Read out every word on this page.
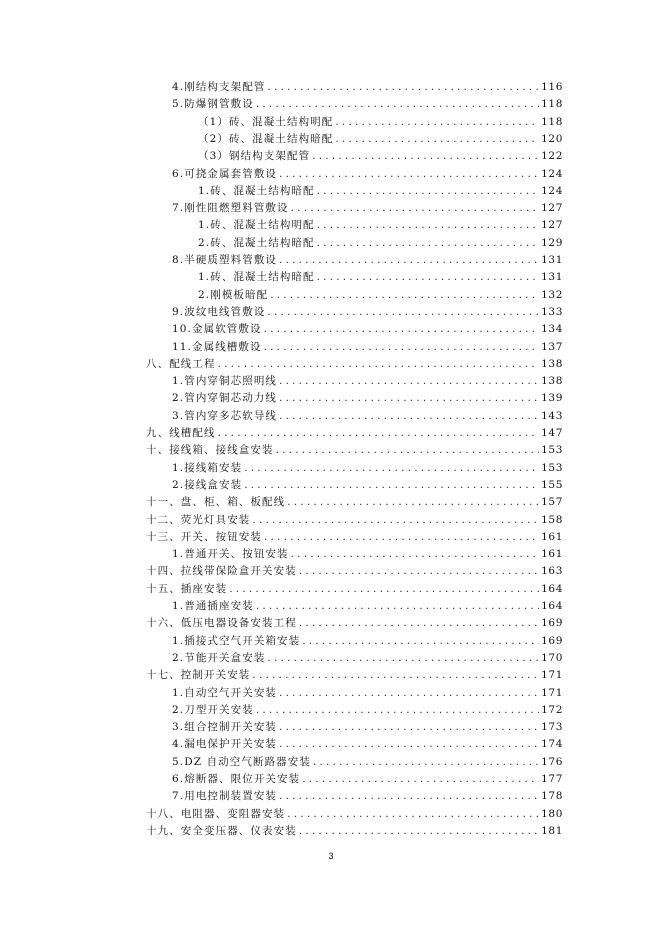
4.刚结构支架配管 .....	116
5.防爆钢管敷设 .....	118
（1）砖、混凝土结构明配 .....	118
（2）砖、混凝土结构暗配 .....	120
（3）钢结构支架配管 .....	122
6.可挠金属套管敷设 .....	124
1.砖、混凝土结构暗配 .....	124
7.刚性阻燃塑料管敷设 .....	127
1.砖、混凝土结构明配 .....	127
2.砖、混凝土结构暗配 .....	129
8.半硬质塑料管敷设 .....	131
1.砖、混凝土结构暗配 .....	131
2.刚模板暗配 .....	132
9.波纹电线管敷设 .....	133
10.金属软管敷设 .....	134
11.金属线槽敷设 .....	137
八、配线工程 .....	138
1.管内穿铜芯照明线 .....	138
2.管内穿铜芯动力线 .....	139
3.管内穿多芯软导线 .....	143
九、线槽配线 .....	147
十、接线箱、接线盒安装 .....	153
1.接线箱安装 .....	153
2.接线盒安装 .....	155
十一、盘、柜、箱、板配线 .....	157
十二、荧光灯具安装 .....	158
十三、开关、按钮安装 .....	161
1.普通开关、按钮安装 .....	161
十四、拉线带保险盒开关安装 .....	163
十五、插座安装 .....	164
1.普通插座安装 .....	164
十六、低压电器设备安装工程 .....	169
1.插接式空气开关箱安装 .....	169
2.节能开关盒安装 .....	170
十七、控制开关安装 .....	171
1.自动空气开关安装 .....	171
2.刀型开关安装 .....	172
3.组合控制开关安装 .....	173
4.漏电保护开关安装 .....	174
5.DZ 自动空气断路器安装 .....	176
6.熔断器、限位开关安装 .....	177
7.用电控制装置安装 .....	178
十八、电阻器、变阻器安装 .....	180
十九、安全变压器、仪表安装 .....	181
3
